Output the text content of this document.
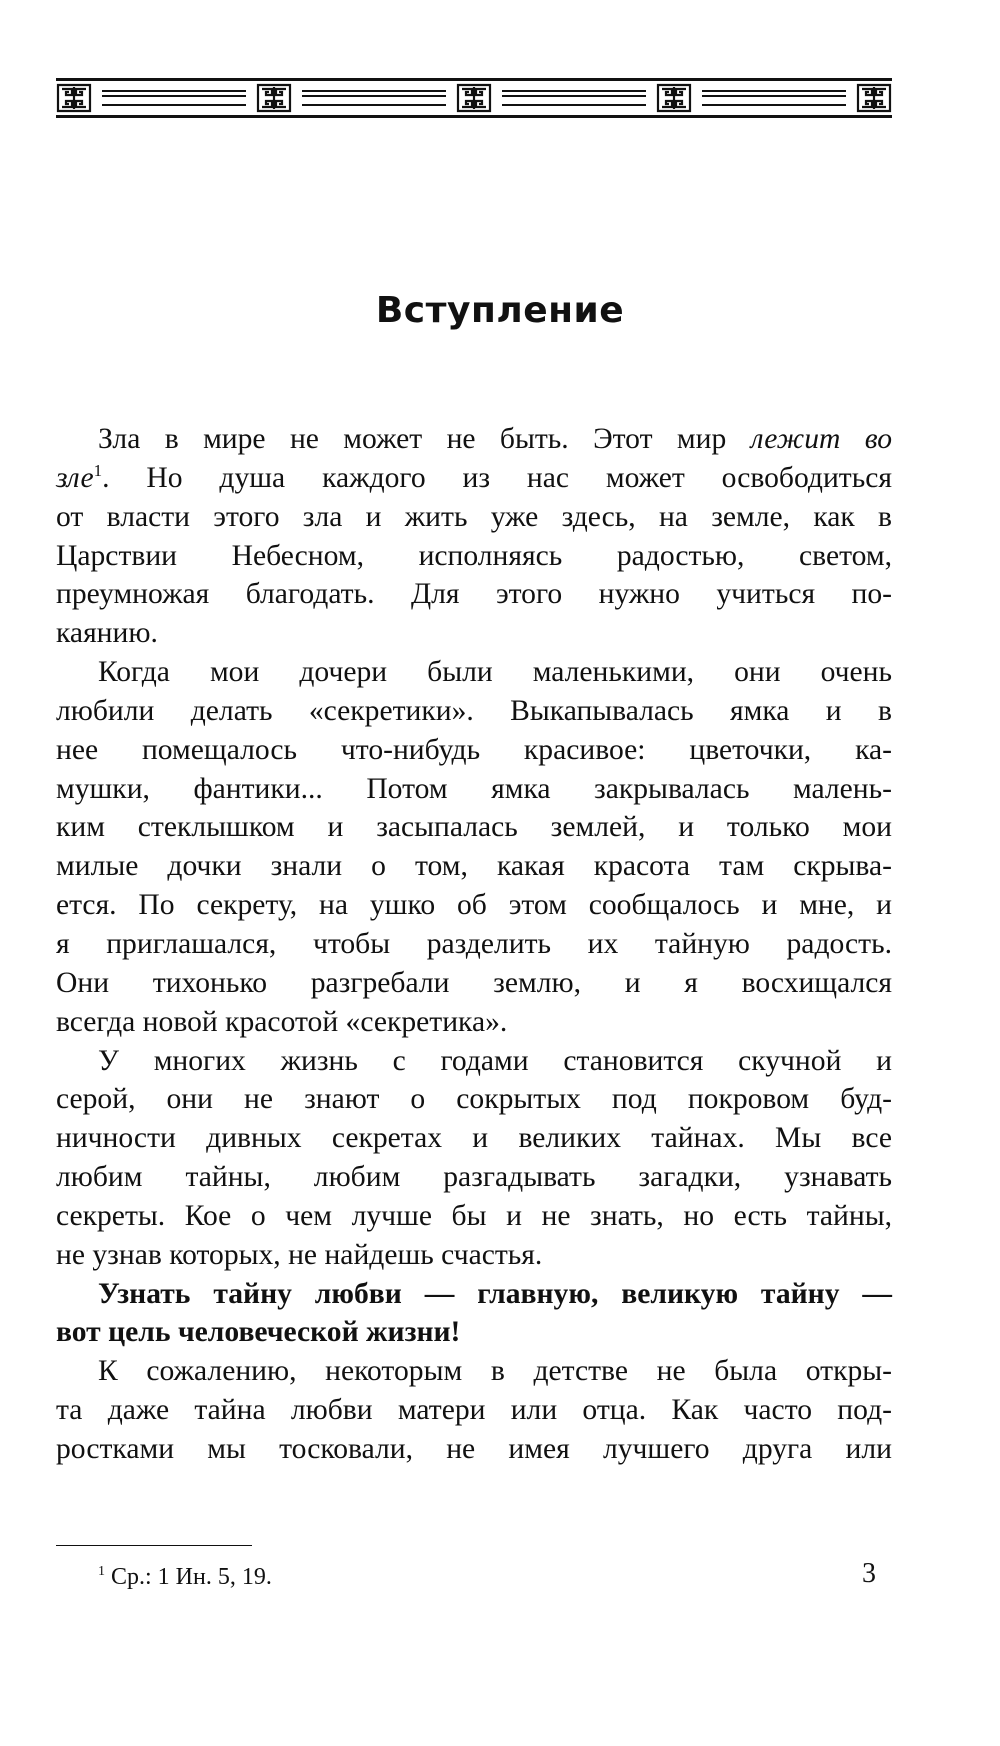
Вступление

Зла в мире не может не быть. Этот мир лежит во
зле$^1$. Но душа каждого из нас может освободиться
от власти этого зла и жить уже здесь, на земле, как в
Царствии Небесном, исполняясь радостью, светом,
преумножая благодать. Для этого нужно учиться по-
каянию.

Когда мои дочери были маленькими, они очень
любили делать «секретики». Выкапывалась ямка и в
нее помещалось что-нибудь красивое: цветочки, ка-
мушки, фантики... Потом ямка закрывалась малень-
ким стеклышком и засыпалась землей, и только мои
милые дочки знали о том, какая красота там скрыва-
ется. По секрету, на ушко об этом сообщалось и мне, и
я приглашался, чтобы разделить их тайную радость.
Они тихонько разгребали землю, и я восхищался
всегда новой красотой «секретика».

У многих жизнь с годами становится скучной и
серой, они не знают о сокрытых под покровом буд-
ничности дивных секретах и великих тайнах. Мы все
любим тайны, любим разгадывать загадки, узнавать
секреты. Кое о чем лучше бы и не знать, но есть тайны,
не узнав которых, не найдешь счастья.

Узнать тайну любви — главную, великую тайну —
вот цель человеческой жизни!

К сожалению, некоторым в детстве не была откры-
та даже тайна любви матери или отца. Как часто под-
ростками мы тосковали, не имея лучшего друга или

$^1$ Ср.: 1 Ин. 5, 19.	3
